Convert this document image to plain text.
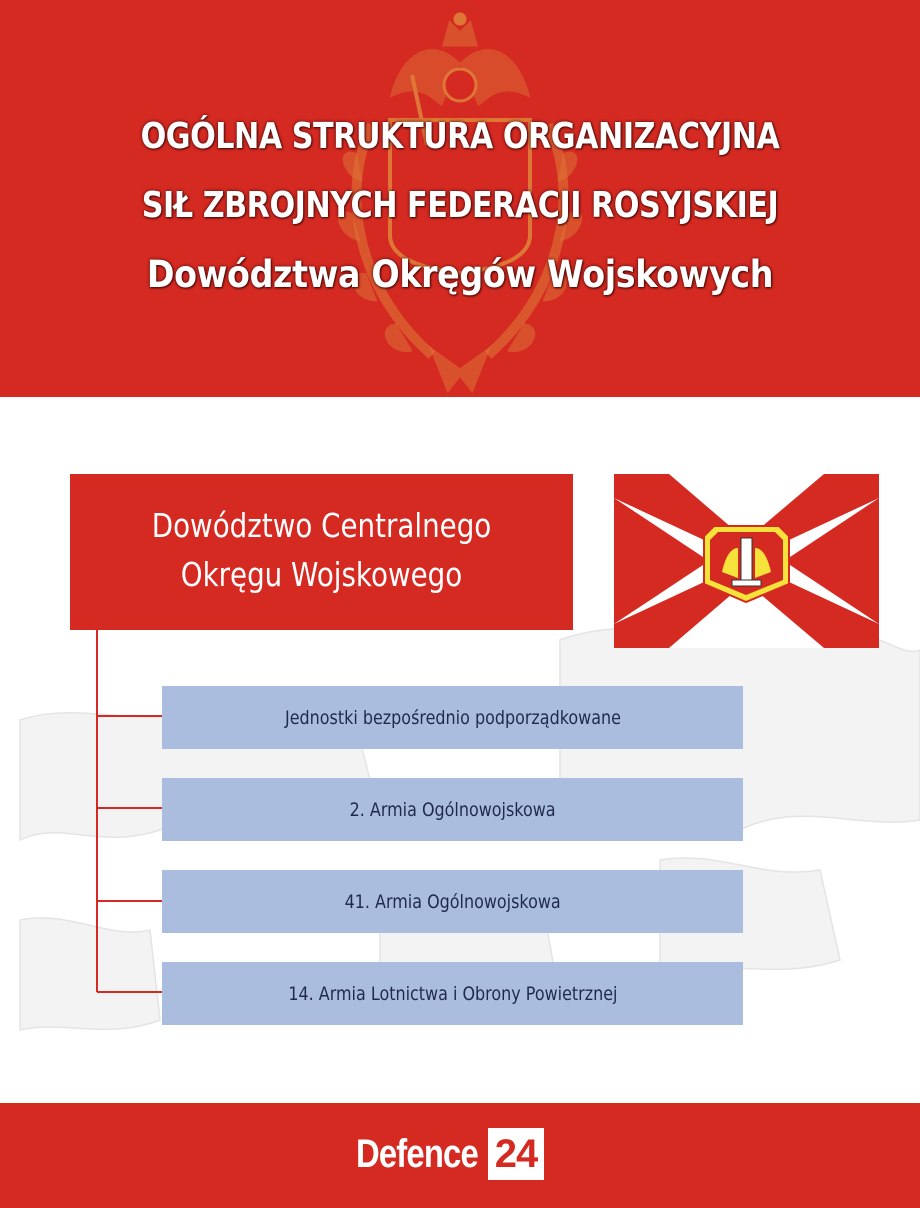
OGÓLNA STRUKTURA ORGANIZACYJNA
SIŁ ZBROJNYCH FEDERACJI ROSYJSKIEJ
Dowództwa Okręgów Wojskowych
Dowództwo Centralnego
Okręgu Wojskowego
Jednostki bezpośrednio podporządkowane
2. Armia Ogólnowojskowa
41. Armia Ogólnowojskowa
14. Armia Lotnictwa i Obrony Powietrznej
Defence 24
